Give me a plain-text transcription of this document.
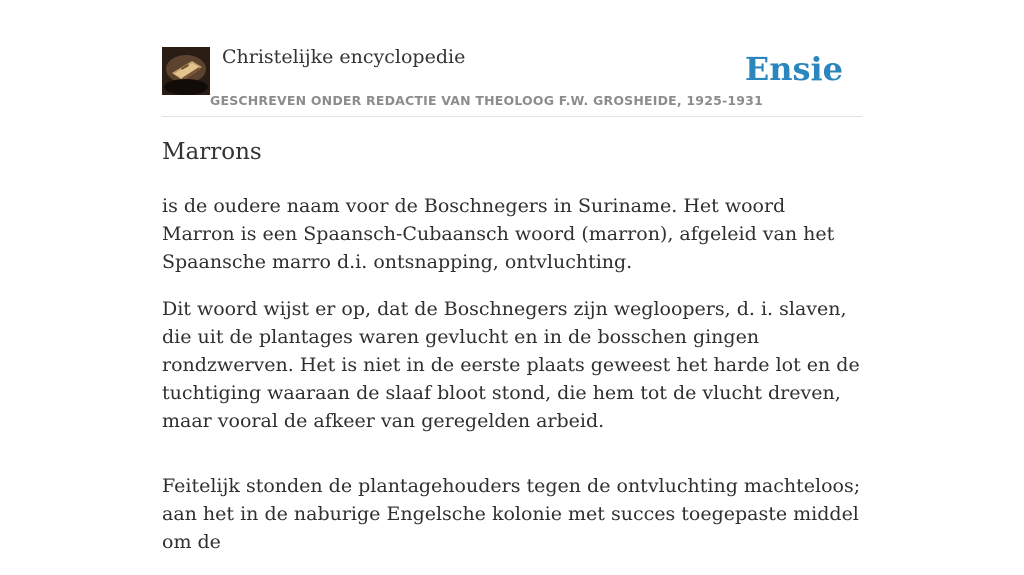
Christelijke encyclopedie
GESCHREVEN ONDER REDACTIE VAN THEOLOOG F.W. GROSHEIDE, 1925-1931
Ensie
Marrons

is de oudere naam voor de Boschnegers in Suriname. Het woord Marron is een Spaansch-Cubaansch woord (marron), afgeleid van het Spaansche marro d.i. ontsnapping, ontvluchting.

Dit woord wijst er op, dat de Boschnegers zijn wegloopers, d. i. slaven, die uit de plantages waren gevlucht en in de bosschen gingen rondzwerven. Het is niet in de eerste plaats geweest het harde lot en de tuchtiging waaraan de slaaf bloot stond, die hem tot de vlucht dreven, maar vooral de afkeer van geregelden arbeid.

Feitelijk stonden de plantagehouders tegen de ontvluchting machteloos; aan het in de naburige Engelsche kolonie met succes toegepaste middel om de
